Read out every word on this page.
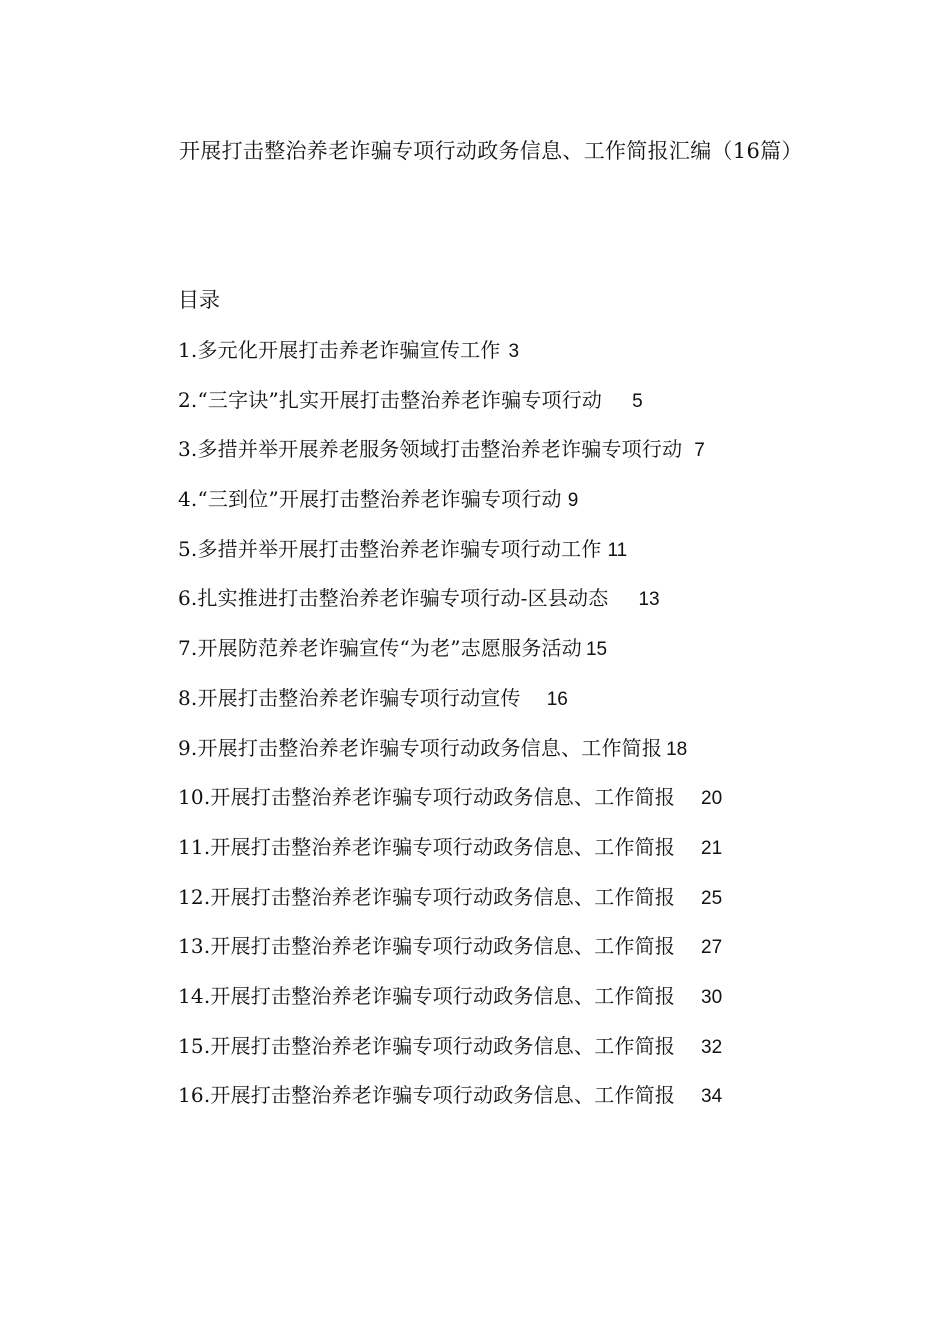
开展打击整治养老诈骗专项行动政务信息、工作简报汇编（16篇）
目录
1.多元化开展打击养老诈骗宣传工作 3
2.“三字诀”扎实开展打击整治养老诈骗专项行动 5
3.多措并举开展养老服务领域打击整治养老诈骗专项行动 7
4.“三到位”开展打击整治养老诈骗专项行动 9
5.多措并举开展打击整治养老诈骗专项行动工作 11
6.扎实推进打击整治养老诈骗专项行动-区县动态 13
7.开展防范养老诈骗宣传“为老”志愿服务活动 15
8.开展打击整治养老诈骗专项行动宣传 16
9.开展打击整治养老诈骗专项行动政务信息、工作简报 18
10.开展打击整治养老诈骗专项行动政务信息、工作简报 20
11.开展打击整治养老诈骗专项行动政务信息、工作简报 21
12.开展打击整治养老诈骗专项行动政务信息、工作简报 25
13.开展打击整治养老诈骗专项行动政务信息、工作简报 27
14.开展打击整治养老诈骗专项行动政务信息、工作简报 30
15.开展打击整治养老诈骗专项行动政务信息、工作简报 32
16.开展打击整治养老诈骗专项行动政务信息、工作简报 34
